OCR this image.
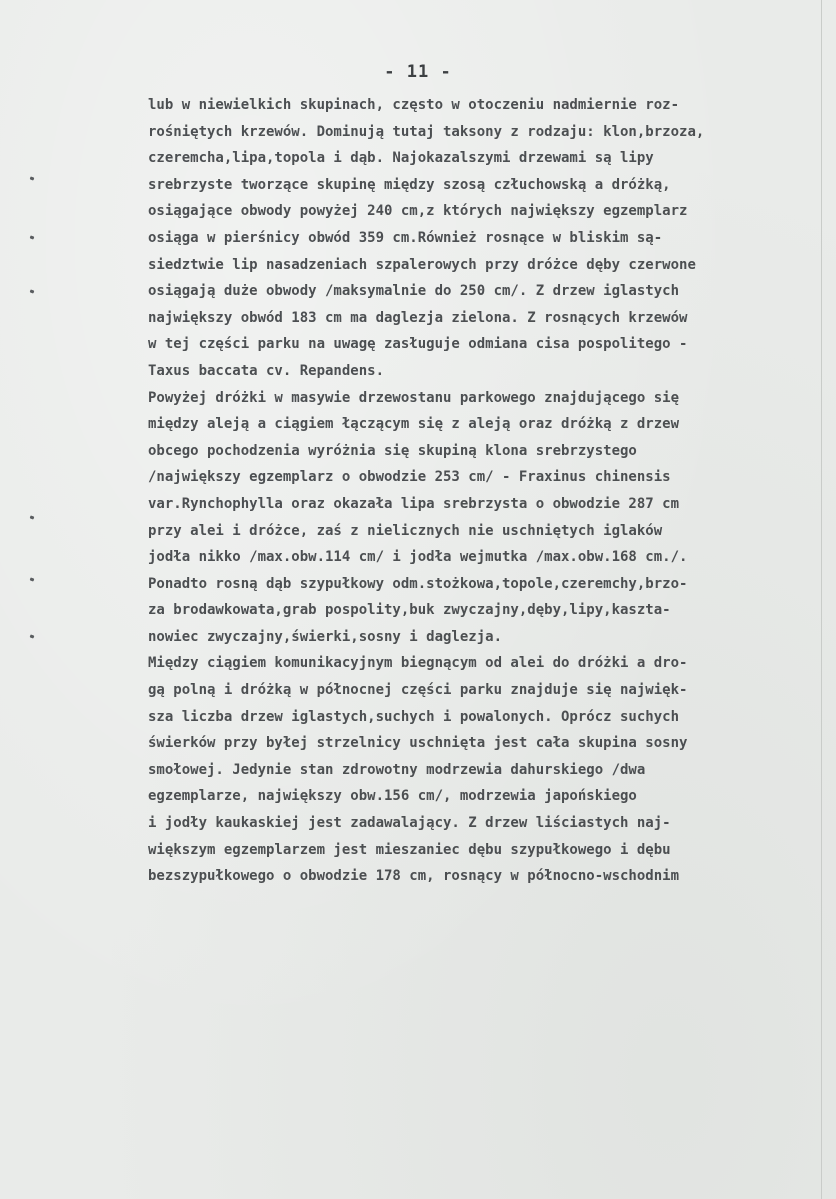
- 11 -
lub w niewielkich skupinach, często w otoczeniu nadmiernie roz-
rośniętych krzewów. Dominują tutaj taksony z rodzaju: klon,brzoza,
czeremcha,lipa,topola i dąb. Najokazalszymi drzewami są lipy
srebrzyste tworzące skupinę między szosą człuchowską a dróżką,
osiągające obwody powyżej 240 cm,z których największy egzemplarz
osiąga w pierśnicy obwód 359 cm.Również rosnące w bliskim są-
siedztwie lip nasadzeniach szpalerowych przy dróżce dęby czerwone
osiągają duże obwody /maksymalnie do 250 cm/. Z drzew iglastych
największy obwód 183 cm ma daglezja zielona. Z rosnących krzewów
w tej części parku na uwagę zasługuje odmiana cisa pospolitego -
Taxus baccata cv. Repandens.
Powyżej dróżki w masywie drzewostanu parkowego znajdującego się
między aleją a ciągiem łączącym się z aleją oraz dróżką z drzew
obcego pochodzenia wyróżnia się skupiną klona srebrzystego
/największy egzemplarz o obwodzie 253 cm/ - Fraxinus chinensis
var.Rynchophylla oraz okazała lipa srebrzysta o obwodzie 287 cm
przy alei i dróżce, zaś z nielicznych nie uschniętych iglaków
jodła nikko /max.obw.114 cm/ i jodła wejmutka /max.obw.168 cm./.
Ponadto rosną dąb szypułkowy odm.stożkowa,topole,czeremchy,brzo-
za brodawkowata,grab pospolity,buk zwyczajny,dęby,lipy,kaszta-
nowiec zwyczajny,świerki,sosny i daglezja.
Między ciągiem komunikacyjnym biegnącym od alei do dróżki a dro-
gą polną i dróżką w północnej części parku znajduje się najwięk-
sza liczba drzew iglastych,suchych i powalonych. Oprócz suchych
świerków przy byłej strzelnicy uschnięta jest cała skupina sosny
smołowej. Jedynie stan zdrowotny modrzewia dahurskiego /dwa
egzemplarze, największy obw.156 cm/, modrzewia japońskiego
i jodły kaukaskiej jest zadawalający. Z drzew liściastych naj-
większym egzemplarzem jest mieszaniec dębu szypułkowego i dębu
bezszypułkowego o obwodzie 178 cm, rosnący w północno-wschodnim
